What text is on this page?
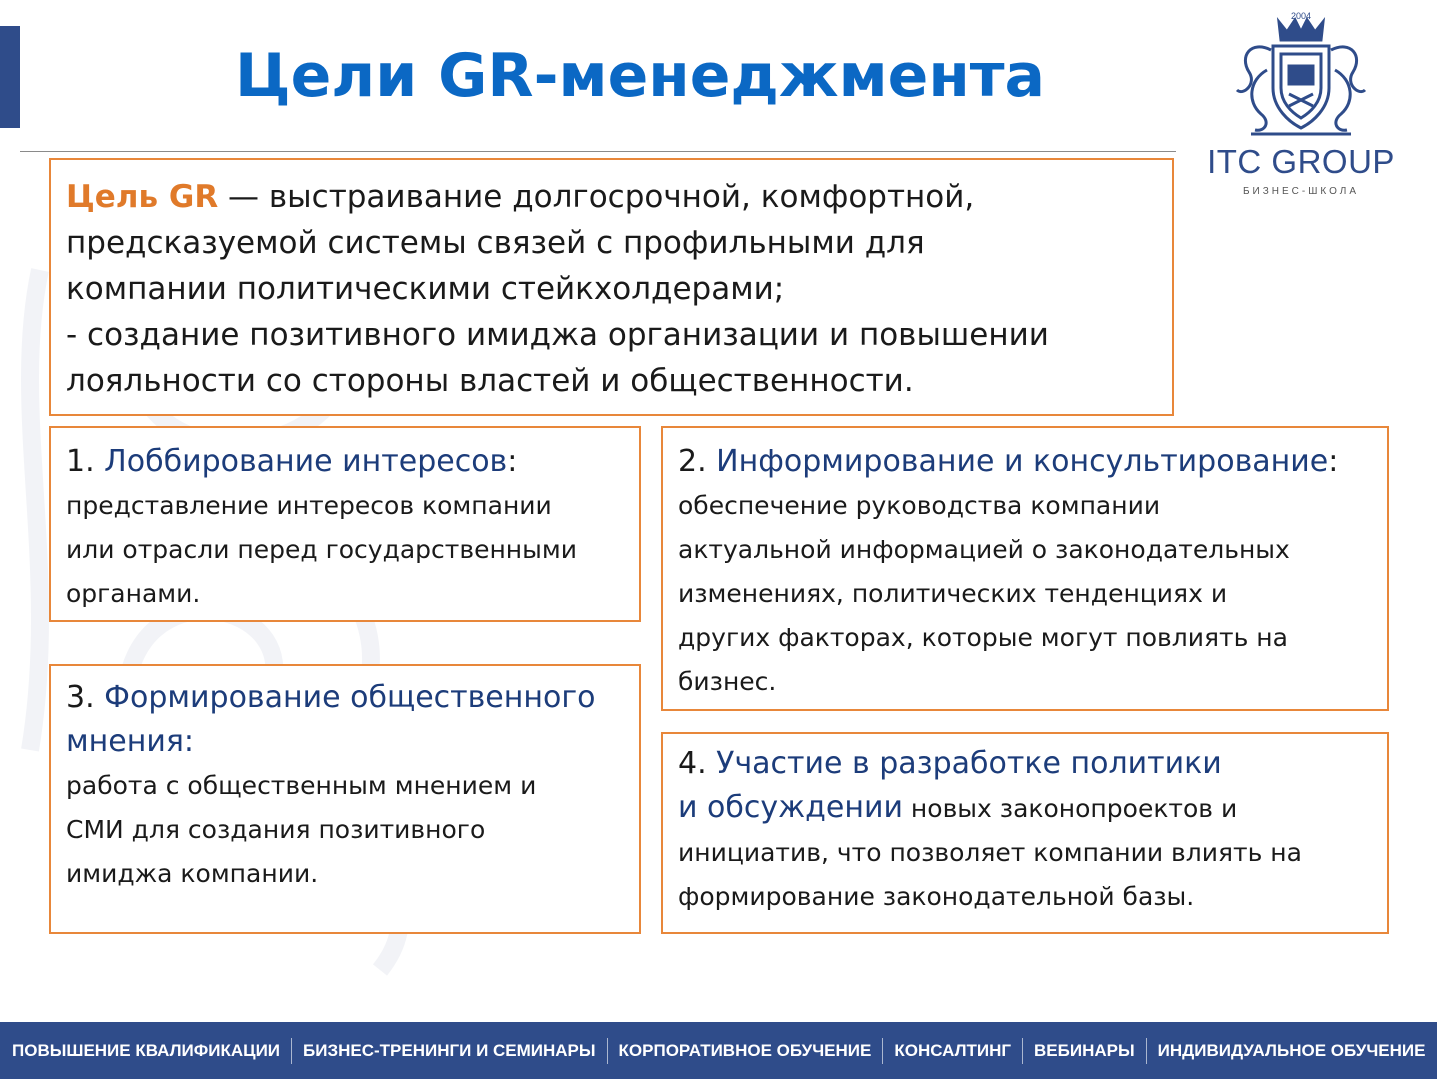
Цели GR-менеджмента
2004
ITC GROUP
БИЗНЕС-ШКОЛА
Цель GR — выстраивание долгосрочной, комфортной,
предсказуемой системы связей с профильными для
компании политическими стейкхолдерами;
- создание позитивного имиджа организации и повышении
лояльности со стороны властей и общественности.
1. Лоббирование интересов:
представление интересов компании
или отрасли перед государственными
органами.
2. Информирование и консультирование:
обеспечение руководства компании
актуальной информацией о законодательных
изменениях, политических тенденциях и
других факторах, которые могут повлиять на
бизнес.
3. Формирование общественного
мнения:
работа с общественным мнением и
СМИ для создания позитивного
имиджа компании.
4. Участие в разработке политики
и обсуждении новых законопроектов и
инициатив, что позволяет компании влиять на
формирование законодательной базы.
ПОВЫШЕНИЕ КВАЛИФИКАЦИИ	БИЗНЕС-ТРЕНИНГИ И СЕМИНАРЫ	КОРПОРАТИВНОЕ ОБУЧЕНИЕ	КОНСАЛТИНГ	ВЕБИНАРЫ	ИНДИВИДУАЛЬНОЕ ОБУЧЕНИЕ
